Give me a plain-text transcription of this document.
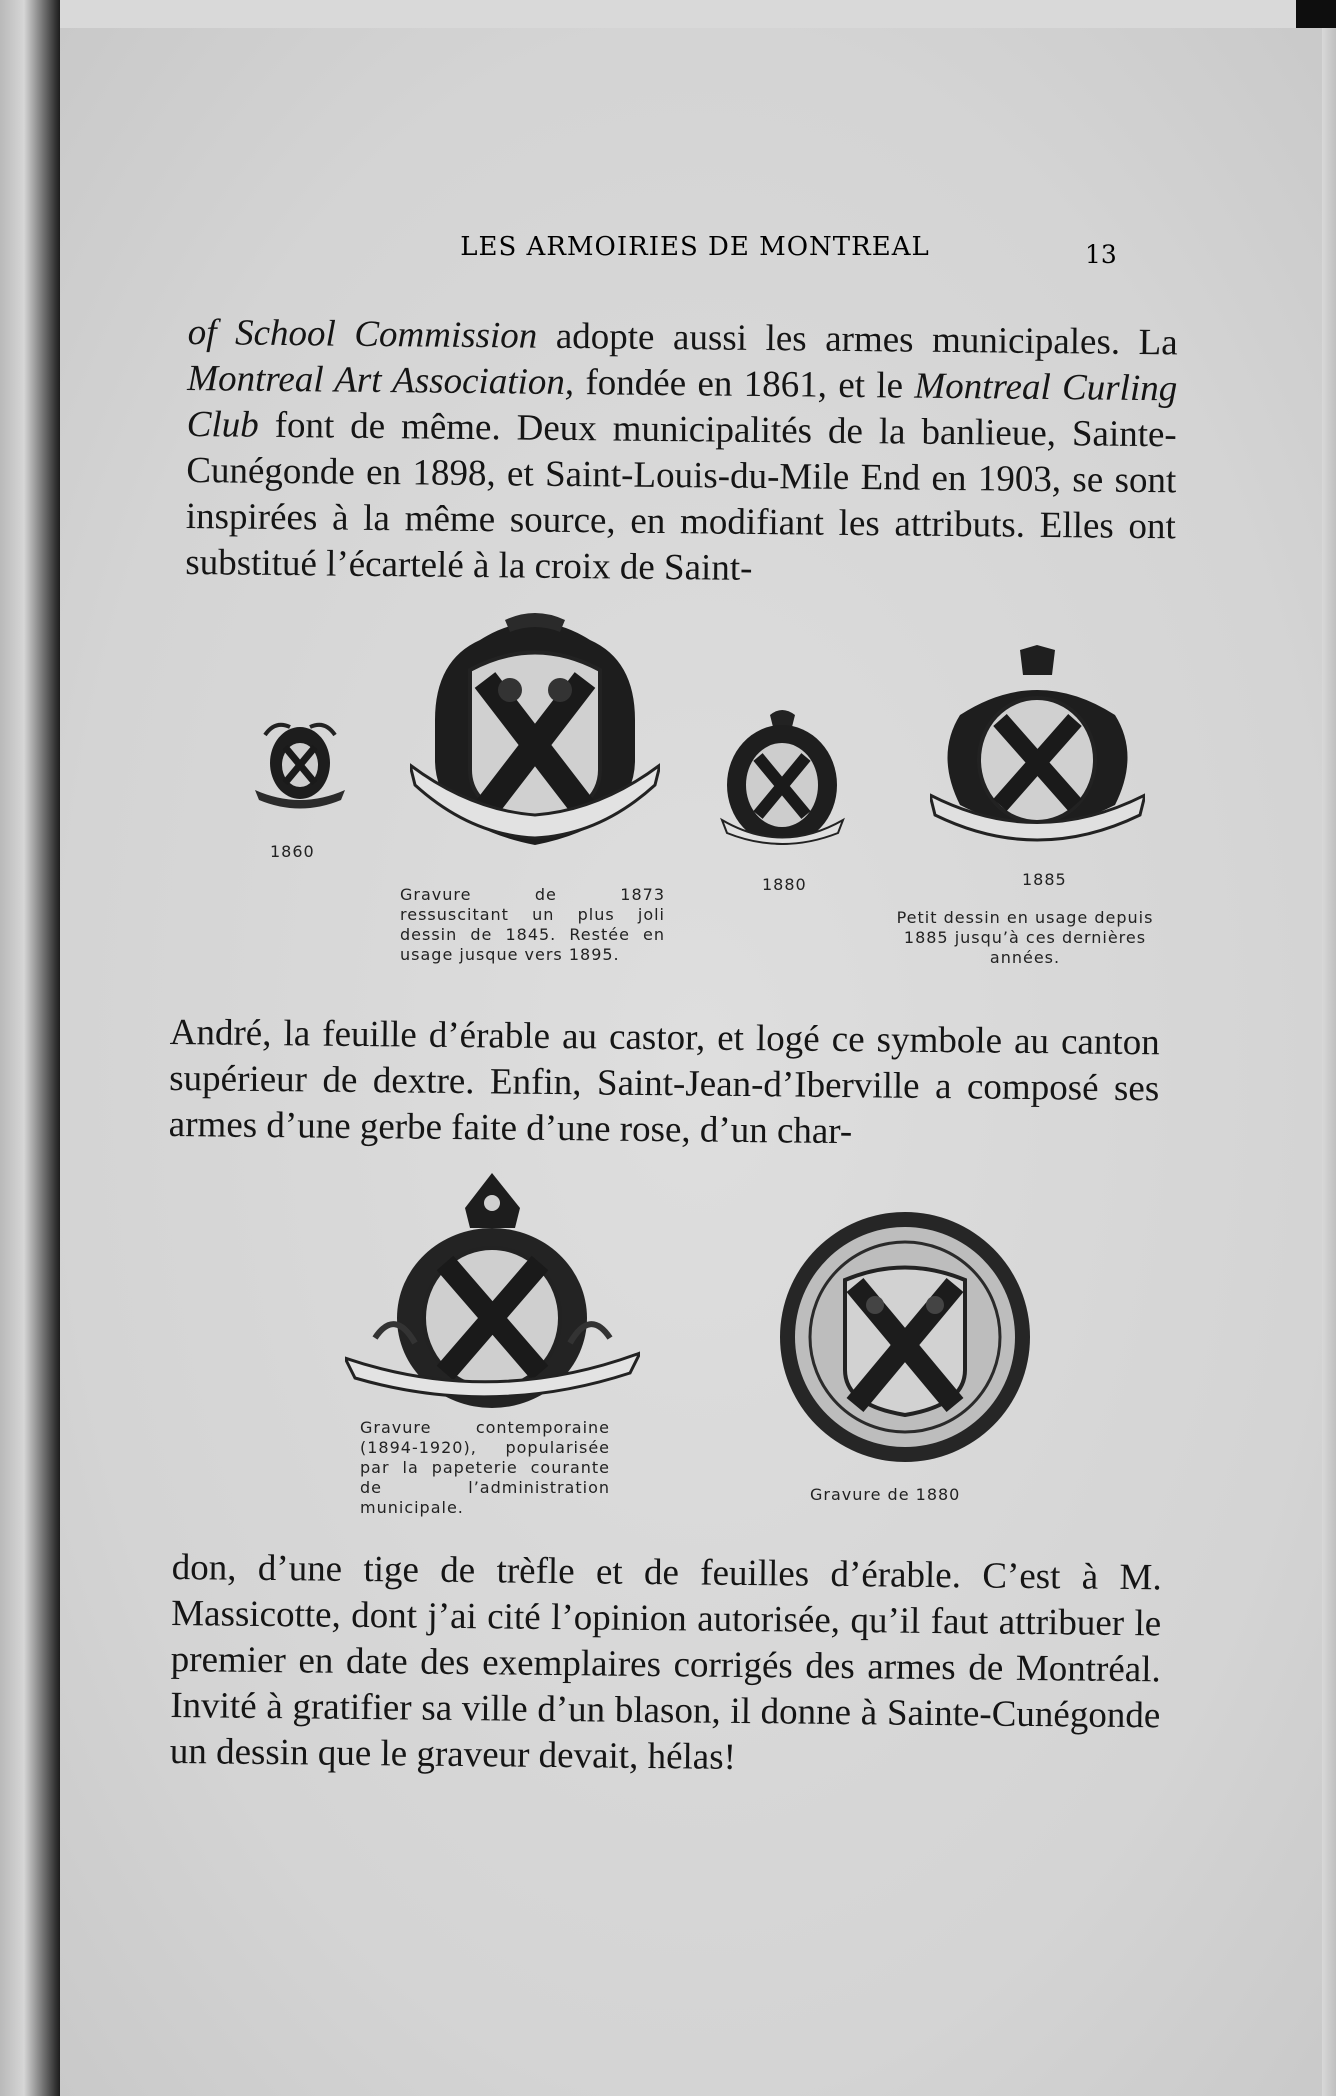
LES ARMOIRIES DE MONTREAL	13

of School Commission adopte aussi les armes municipales. La Montreal Art Association, fondée en 1861, et le Montreal Curling Club font de même. Deux municipalités de la banlieue, Sainte-Cunégonde en 1898, et Saint-Louis-du-Mile End en 1903, se sont inspirées à la même source, en modifiant les attributs. Elles ont substitué l’écartelé à la croix de Saint-

1860
Gravure de 1873 ressuscitant un plus joli dessin de 1845. Restée en usage jusque vers 1895.
1880	1885
Petit dessin en usage depuis 1885 jusqu’à ces dernières années.

André, la feuille d’érable au castor, et logé ce symbole au canton supérieur de dextre. Enfin, Saint-Jean-d’Iberville a composé ses armes d’une gerbe faite d’une rose, d’un char-

Gravure contemporaine (1894-1920), popularisée par la papeterie courante de l’administration municipale.
Gravure de 1880

don, d’une tige de trèfle et de feuilles d’érable. C’est à M. Massicotte, dont j’ai cité l’opinion autorisée, qu’il faut attribuer le premier en date des exemplaires corrigés des armes de Montréal. Invité à gratifier sa ville d’un blason, il donne à Sainte-Cunégonde un dessin que le graveur devait, hélas!
